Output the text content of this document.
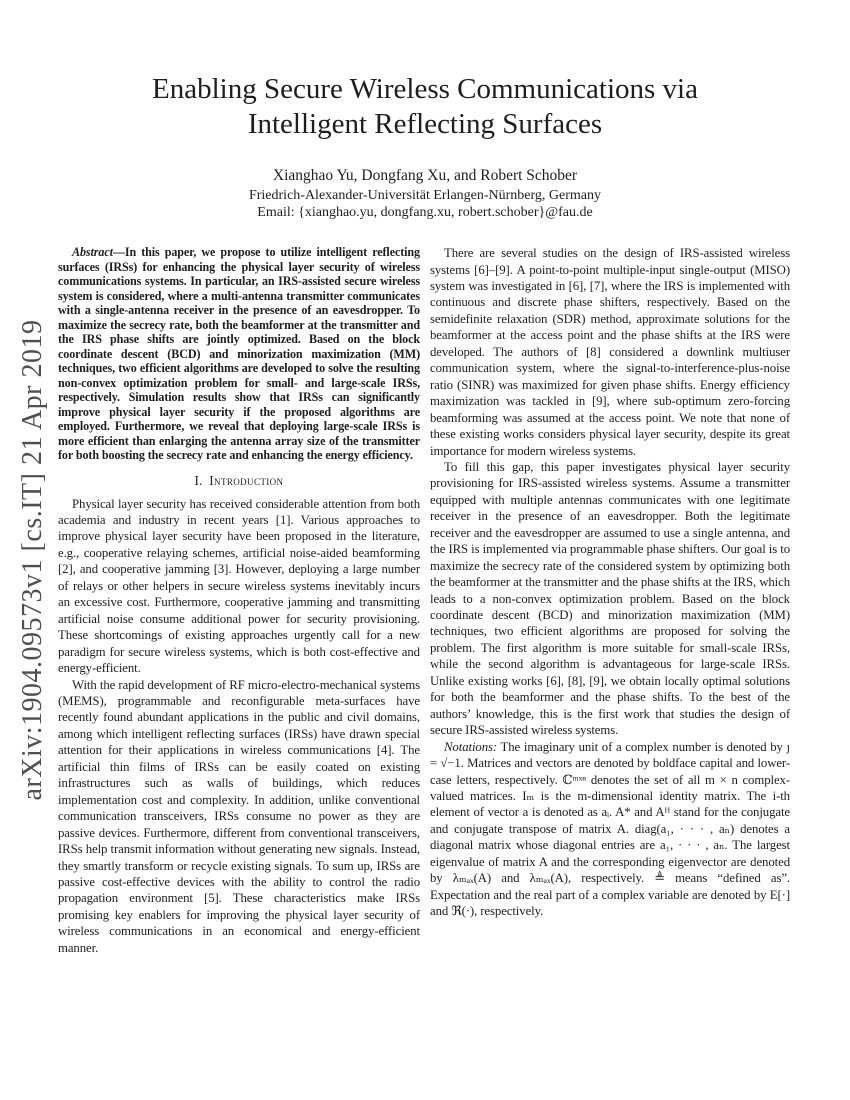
arXiv:1904.09573v1 [cs.IT] 21 Apr 2019
Enabling Secure Wireless Communications via
Intelligent Reflecting Surfaces
Xianghao Yu, Dongfang Xu, and Robert Schober
Friedrich-Alexander-Universität Erlangen-Nürnberg, Germany
Email: {xianghao.yu, dongfang.xu, robert.schober}@fau.de

Abstract—In this paper, we propose to utilize intelligent reflecting surfaces (IRSs) for enhancing the physical layer security of wireless communications systems. In particular, an IRS-assisted secure wireless system is considered, where a multi-antenna transmitter communicates with a single-antenna receiver in the presence of an eavesdropper. To maximize the secrecy rate, both the beamformer at the transmitter and the IRS phase shifts are jointly optimized. Based on the block coordinate descent (BCD) and minorization maximization (MM) techniques, two efficient algorithms are developed to solve the resulting non-convex optimization problem for small- and large-scale IRSs, respectively. Simulation results show that IRSs can significantly improve physical layer security if the proposed algorithms are employed. Furthermore, we reveal that deploying large-scale IRSs is more efficient than enlarging the antenna array size of the transmitter for both boosting the secrecy rate and enhancing the energy efficiency.

I. Introduction

Physical layer security has received considerable attention from both academia and industry in recent years [1]. Various approaches to improve physical layer security have been proposed in the literature, e.g., cooperative relaying schemes, artificial noise-aided beamforming [2], and cooperative jamming [3]. However, deploying a large number of relays or other helpers in secure wireless systems inevitably incurs an excessive cost. Furthermore, cooperative jamming and transmitting artificial noise consume additional power for security provisioning. These shortcomings of existing approaches urgently call for a new paradigm for secure wireless systems, which is both cost-effective and energy-efficient.

With the rapid development of RF micro-electro-mechanical systems (MEMS), programmable and reconfigurable meta-surfaces have recently found abundant applications in the public and civil domains, among which intelligent reflecting surfaces (IRSs) have drawn special attention for their applications in wireless communications [4]. The artificial thin films of IRSs can be easily coated on existing infrastructures such as walls of buildings, which reduces implementation cost and complexity. In addition, unlike conventional communication transceivers, IRSs consume no power as they are passive devices. Furthermore, different from conventional transceivers, IRSs help transmit information without generating new signals. Instead, they smartly transform or recycle existing signals. To sum up, IRSs are passive cost-effective devices with the ability to control the radio propagation environment [5]. These characteristics make IRSs promising key enablers for improving the physical layer security of wireless communications in an economical and energy-efficient manner.

There are several studies on the design of IRS-assisted wireless systems [6]–[9]. A point-to-point multiple-input single-output (MISO) system was investigated in [6], [7], where the IRS is implemented with continuous and discrete phase shifters, respectively. Based on the semidefinite relaxation (SDR) method, approximate solutions for the beamformer at the access point and the phase shifts at the IRS were developed. The authors of [8] considered a downlink multiuser communication system, where the signal-to-interference-plus-noise ratio (SINR) was maximized for given phase shifts. Energy efficiency maximization was tackled in [9], where sub-optimum zero-forcing beamforming was assumed at the access point. We note that none of these existing works considers physical layer security, despite its great importance for modern wireless systems.

To fill this gap, this paper investigates physical layer security provisioning for IRS-assisted wireless systems. Assume a transmitter equipped with multiple antennas communicates with one legitimate receiver in the presence of an eavesdropper. Both the legitimate receiver and the eavesdropper are assumed to use a single antenna, and the IRS is implemented via programmable phase shifters. Our goal is to maximize the secrecy rate of the considered system by optimizing both the beamformer at the transmitter and the phase shifts at the IRS, which leads to a non-convex optimization problem. Based on the block coordinate descent (BCD) and minorization maximization (MM) techniques, two efficient algorithms are proposed for solving the problem. The first algorithm is more suitable for small-scale IRSs, while the second algorithm is advantageous for large-scale IRSs. Unlike existing works [6], [8], [9], we obtain locally optimal solutions for both the beamformer and the phase shifts. To the best of the authors’ knowledge, this is the first work that studies the design of secure IRS-assisted wireless systems.

Notations: The imaginary unit of a complex number is denoted by ȷ = √−1. Matrices and vectors are denoted by boldface capital and lower-case letters, respectively. ℂᵐˣⁿ denotes the set of all m × n complex-valued matrices. Iₘ is the m-dimensional identity matrix. The i-th element of vector a is denoted as aᵢ. A* and Aᴴ stand for the conjugate and conjugate transpose of matrix A. diag(a₁, · · · , aₙ) denotes a diagonal matrix whose diagonal entries are a₁, · · · , aₙ. The largest eigenvalue of matrix A and the corresponding eigenvector are denoted by λₘₐₓ(A) and λₘₐₓ(A), respectively. ≜ means “defined as”. Expectation and the real part of a complex variable are denoted by E[·] and ℜ(·), respectively.
